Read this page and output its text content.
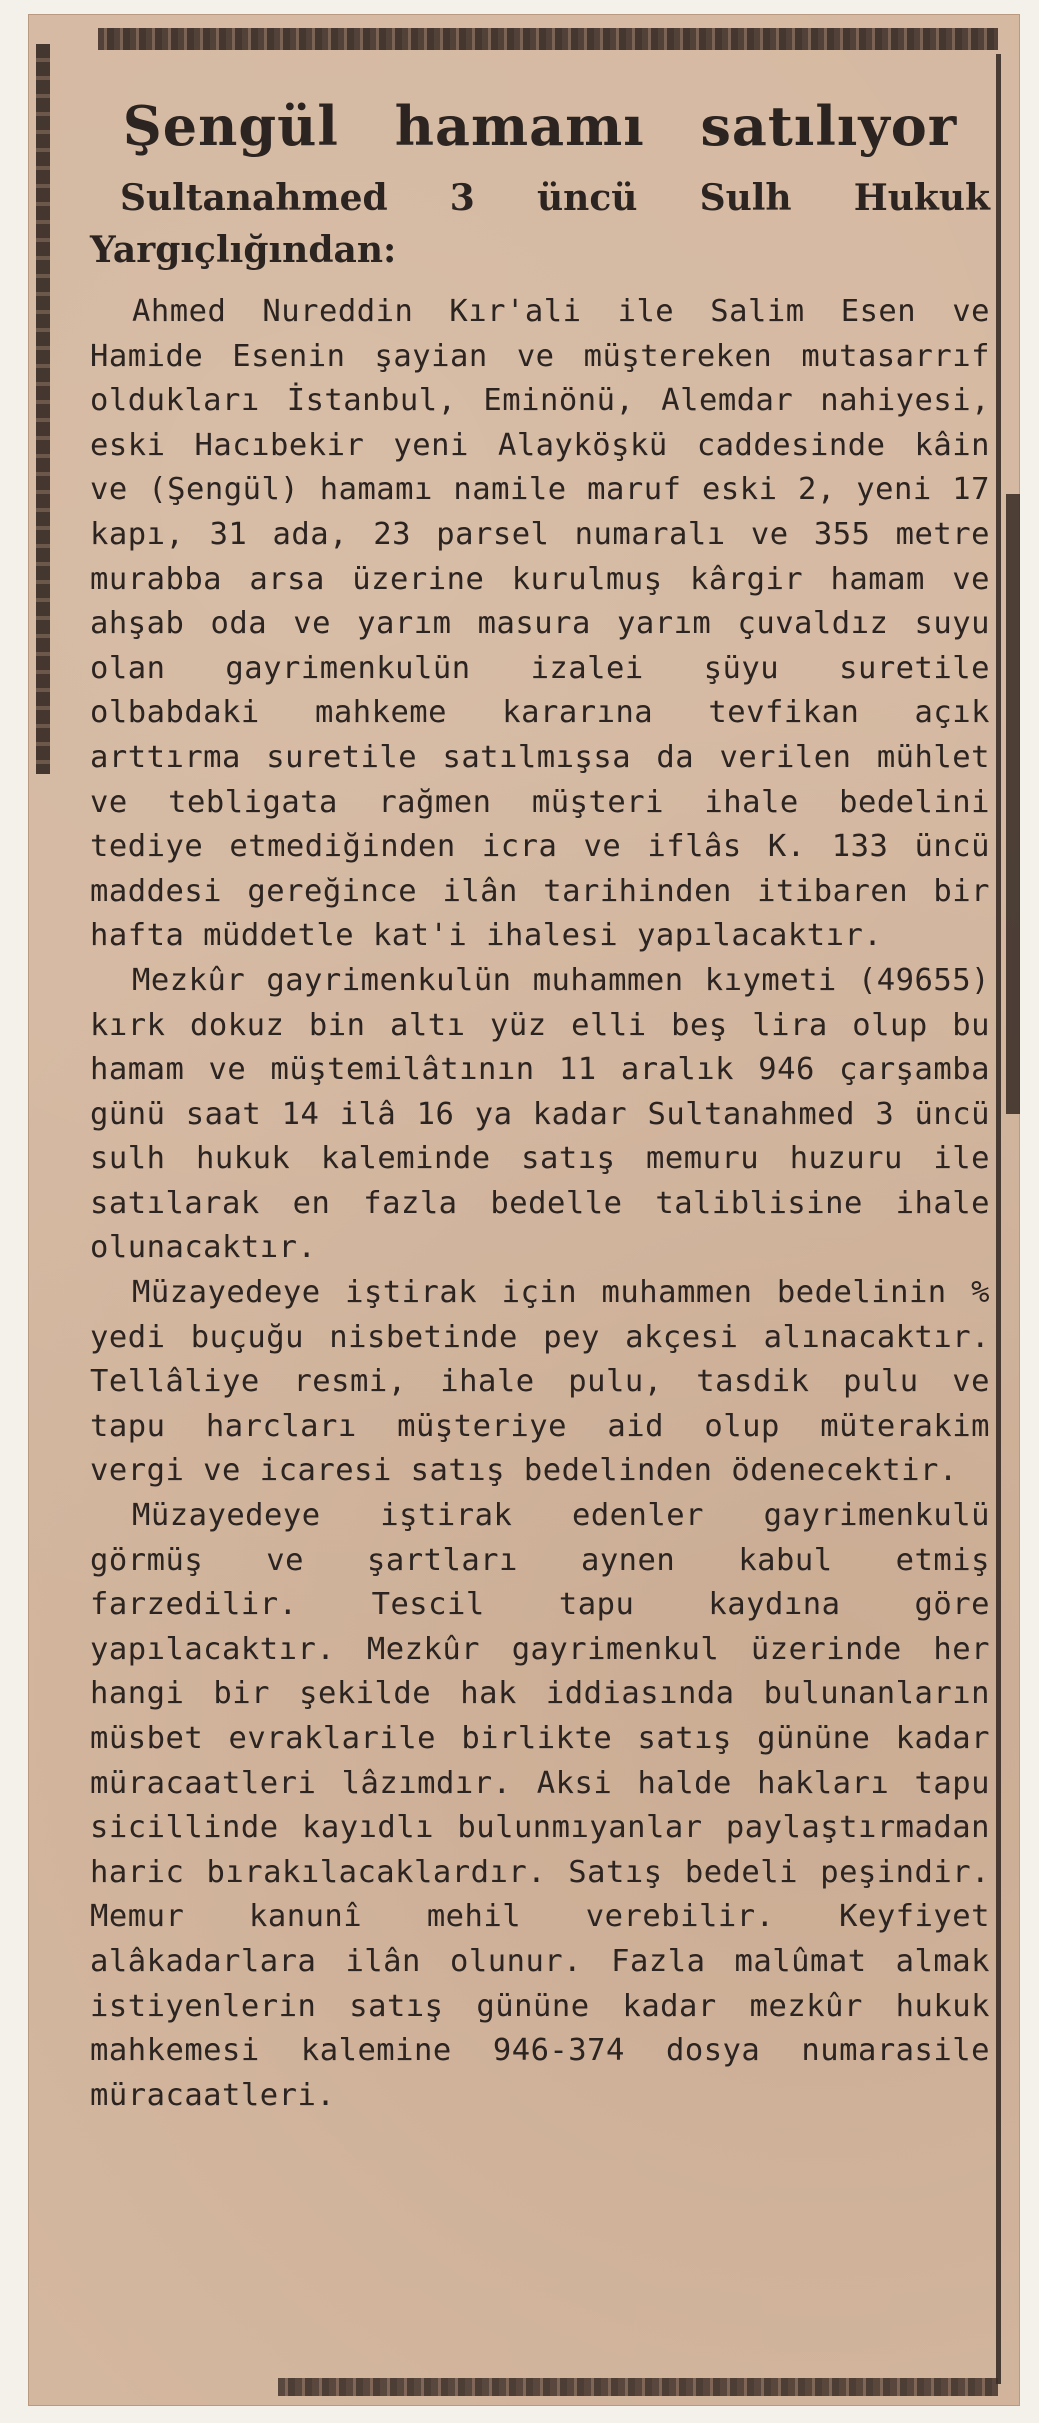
Şengül hamamı satılıyor
Sultanahmed 3 üncü Sulh Hukuk Yargıçlığından:

Ahmed Nureddin Kır'ali ile Salim Esen ve Hamide Esenin şayian ve müştereken mutasarrıf oldukları İstanbul, Eminönü, Alemdar nahiyesi, eski Hacıbekir yeni Alayköşkü caddesinde kâin ve (Şengül) hamamı namile maruf eski 2, yeni 17 kapı, 31 ada, 23 parsel numaralı ve 355 metre murabba arsa üzerine kurulmuş kârgir hamam ve ahşab oda ve yarım masura yarım çuvaldız suyu olan gayrimenkulün izalei şüyu suretile olbabdaki mahkeme kararına tevfikan açık arttırma suretile satılmışsa da verilen mühlet ve tebligata rağmen müşteri ihale bedelini tediye etmediğinden icra ve iflâs K. 133 üncü maddesi gereğince ilân tarihinden itibaren bir hafta müddetle kat'i ihalesi yapılacaktır.

Mezkûr gayrimenkulün muhammen kıymeti (49655) kırk dokuz bin altı yüz elli beş lira olup bu hamam ve müştemilâtının 11 aralık 946 çarşamba günü saat 14 ilâ 16 ya kadar Sultanahmed 3 üncü sulh hukuk kaleminde satış memuru huzuru ile satılarak en fazla bedelle taliblisine ihale olunacaktır.

Müzayedeye iştirak için muhammen bedelinin % yedi buçuğu nisbetinde pey akçesi alınacaktır. Tellâliye resmi, ihale pulu, tasdik pulu ve tapu harcları müşteriye aid olup müterakim vergi ve icaresi satış bedelinden ödenecektir.

Müzayedeye iştirak edenler gayrimenkulü görmüş ve şartları aynen kabul etmiş farzedilir. Tescil tapu kaydına göre yapılacaktır. Mezkûr gayrimenkul üzerinde her hangi bir şekilde hak iddiasında bulunanların müsbet evraklarile birlikte satış gününe kadar müracaatleri lâzımdır. Aksi halde hakları tapu sicillinde kayıdlı bulunmıyanlar paylaştırmadan haric bırakılacaklardır. Satış bedeli peşindir. Memur kanunî mehil verebilir. Keyfiyet alâkadarlara ilân olunur. Fazla malûmat almak istiyenlerin satış gününe kadar mezkûr hukuk mahkemesi kalemine 946-374 dosya numarasile müracaatleri.
